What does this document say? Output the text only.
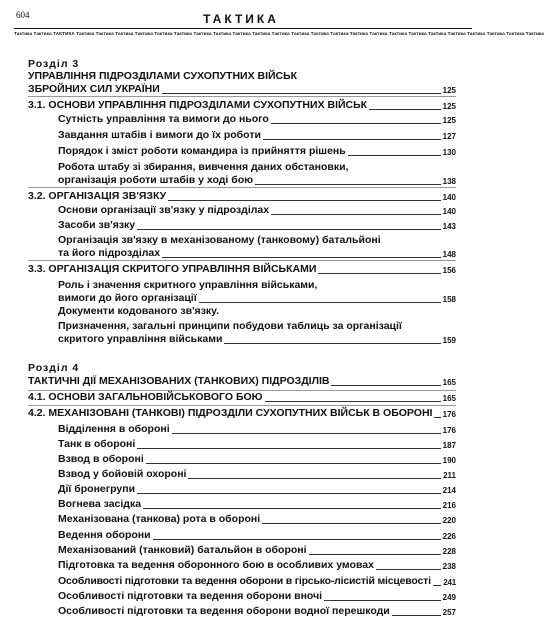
604	ТАКТИКА
Тактика Тактика ТАКТИКА Тактика Тактика Тактика Тактика Тактика Тактика Тактика Тактика Тактика Тактика Тактика Тактика Тактика Тактика Тактика Тактика Тактика Тактика Тактика Тактика Тактика Тактика Тактика Тактика
Розділ 3
УПРАВЛІННЯ ПІДРОЗДІЛАМИ СУХОПУТНИХ ВІЙСЬК
ЗБРОЙНИХ СИЛ УКРАЇНИ	125
3.1. ОСНОВИ УПРАВЛІННЯ ПІДРОЗДІЛАМИ СУХОПУТНИХ ВІЙСЬК	125
Сутність управління та вимоги до нього	125
Завдання штабів і вимоги до їх роботи	127
Порядок і зміст роботи командира із прийняття рішень	130
Робота штабу зі збирання, вивчення даних обстановки,
організація роботи штабів у ході бою	138
3.2. ОРГАНІЗАЦІЯ ЗВ'ЯЗКУ	140
Основи організації зв'язку у підрозділах	140
Засоби зв'язку	143
Організація зв'язку в механізованому (танковому) батальйоні
та його підрозділах	148
3.3. ОРГАНІЗАЦІЯ СКРИТОГО УПРАВЛІННЯ ВІЙСЬКАМИ	156
Роль і значення скритного управління військами,
вимоги до його організації	158
Документи кодованого зв'язку.
Призначення, загальні принципи побудови таблиць за організації
скритого управління військами	159
Розділ 4
ТАКТИЧНІ ДІЇ МЕХАНІЗОВАНИХ (ТАНКОВИХ) ПІДРОЗДІЛІВ	165
4.1. ОСНОВИ ЗАГАЛЬНОВІЙСЬКОВОГО БОЮ	165
4.2. МЕХАНІЗОВАНІ (ТАНКОВІ) ПІДРОЗДІЛИ СУХОПУТНИХ ВІЙСЬК В ОБОРОНІ 176
Відділення в обороні	176
Танк в обороні	187
Взвод в обороні	190
Взвод у бойовій охороні	211
Дії бронегрупи	214
Вогнева засідка	216
Механізована (танкова) рота в обороні	220
Ведення оборони	226
Механізований (танковий) батальйон в обороні	228
Підготовка та ведення оборонного бою в особливих умовах	238
Особливості підготовки та ведення оборони в гірсько-лісистій місцевості 241
Особливості підготовки та ведення оборони вночі	249
Особливості підготовки та ведення оборони водної перешкоди	257
